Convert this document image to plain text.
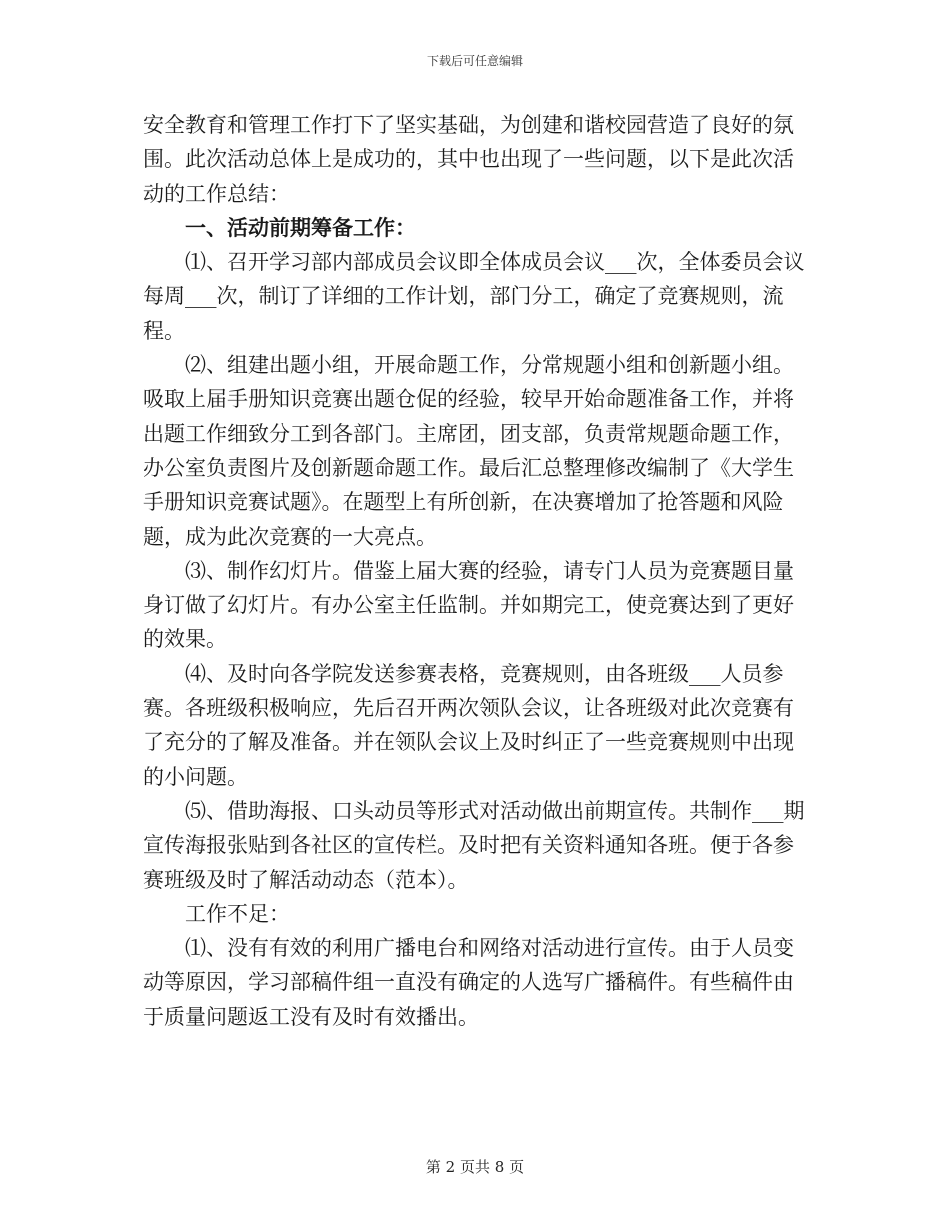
下载后可任意编辑

安全教育和管理工作打下了坚实基础，为创建和谐校园营造了良好的氛围。此次活动总体上是成功的，其中也出现了一些问题，以下是此次活动的工作总结：

一、活动前期筹备工作：

⑴、召开学习部内部成员会议即全体成员会议___次，全体委员会议每周___次，制订了详细的工作计划，部门分工，确定了竞赛规则，流程。

⑵、组建出题小组，开展命题工作，分常规题小组和创新题小组。吸取上届手册知识竞赛出题仓促的经验，较早开始命题准备工作，并将出题工作细致分工到各部门。主席团，团支部，负责常规题命题工作，办公室负责图片及创新题命题工作。最后汇总整理修改编制了《大学生手册知识竞赛试题》。在题型上有所创新，在决赛增加了抢答题和风险题，成为此次竞赛的一大亮点。

⑶、制作幻灯片。借鉴上届大赛的经验，请专门人员为竞赛题目量身订做了幻灯片。有办公室主任监制。并如期完工，使竞赛达到了更好的效果。

⑷、及时向各学院发送参赛表格，竞赛规则，由各班级___人员参赛。各班级积极响应，先后召开两次领队会议，让各班级对此次竞赛有了充分的了解及准备。并在领队会议上及时纠正了一些竞赛规则中出现的小问题。

⑸、借助海报、口头动员等形式对活动做出前期宣传。共制作___期宣传海报张贴到各社区的宣传栏。及时把有关资料通知各班。便于各参赛班级及时了解活动动态（范本）。

工作不足：

⑴、没有有效的利用广播电台和网络对活动进行宣传。由于人员变动等原因，学习部稿件组一直没有确定的人选写广播稿件。有些稿件由于质量问题返工没有及时有效播出。

第 2 页共 8 页
